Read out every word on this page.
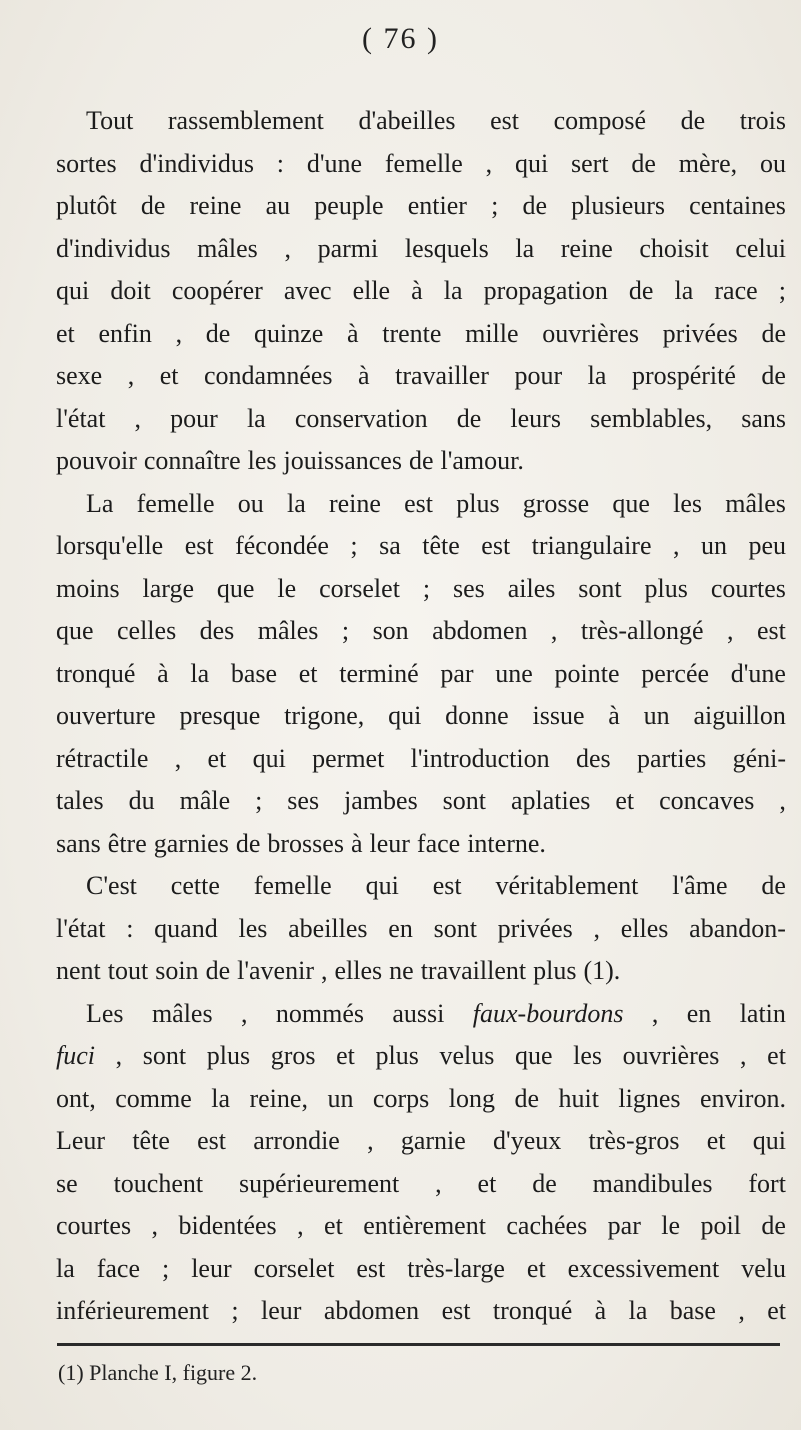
( 76 )
Tout rassemblement d'abeilles est composé de trois
sortes d'individus : d'une femelle , qui sert de mère, ou
plutôt de reine au peuple entier ; de plusieurs centaines
d'individus mâles , parmi lesquels la reine choisit celui
qui doit coopérer avec elle à la propagation de la race ;
et enfin , de quinze à trente mille ouvrières privées de
sexe , et condamnées à travailler pour la prospérité de
l'état , pour la conservation de leurs semblables, sans
pouvoir connaître les jouissances de l'amour.
La femelle ou la reine est plus grosse que les mâles
lorsqu'elle est fécondée ; sa tête est triangulaire , un peu
moins large que le corselet ; ses ailes sont plus courtes
que celles des mâles ; son abdomen , très-allongé , est
tronqué à la base et terminé par une pointe percée d'une
ouverture presque trigone, qui donne issue à un aiguillon
rétractile , et qui permet l'introduction des parties géni-
tales du mâle ; ses jambes sont aplaties et concaves ,
sans être garnies de brosses à leur face interne.
C'est cette femelle qui est véritablement l'âme de
l'état : quand les abeilles en sont privées , elles abandon-
nent tout soin de l'avenir , elles ne travaillent plus (1).
Les mâles , nommés aussi faux-bourdons , en latin
fuci , sont plus gros et plus velus que les ouvrières , et
ont, comme la reine, un corps long de huit lignes environ.
Leur tête est arrondie , garnie d'yeux très-gros et qui
se touchent supérieurement , et de mandibules fort
courtes , bidentées , et entièrement cachées par le poil de
la face ; leur corselet est très-large et excessivement velu
inférieurement ; leur abdomen est tronqué à la base , et
(1) Planche I, figure 2.
